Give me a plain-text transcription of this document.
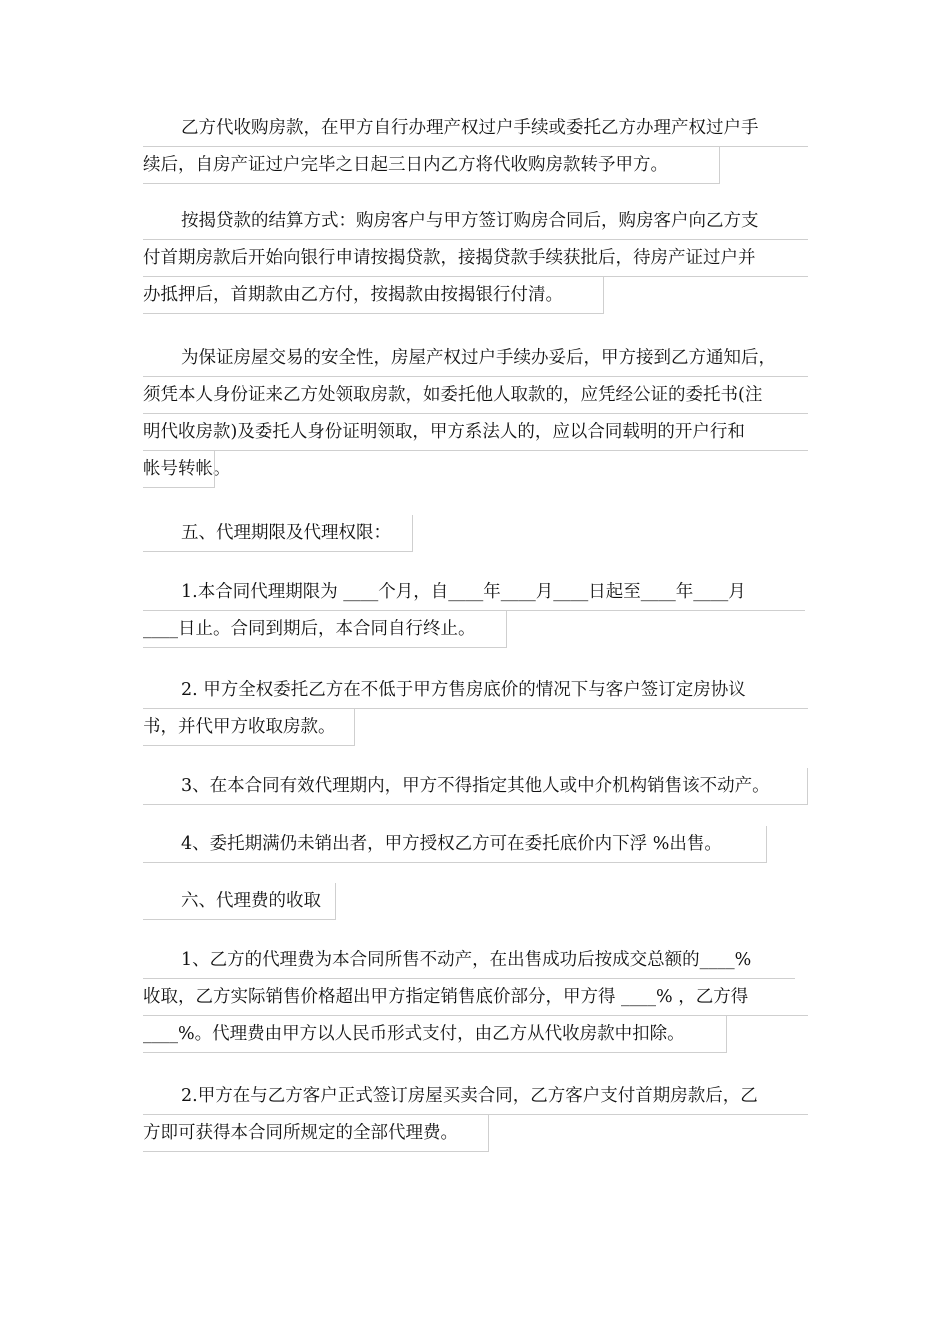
乙方代收购房款，在甲方自行办理产权过户手续或委托乙方办理产权过户手
续后，自房产证过户完毕之日起三日内乙方将代收购房款转予甲方。
按揭贷款的结算方式：购房客户与甲方签订购房合同后，购房客户向乙方支
付首期房款后开始向银行申请按揭贷款，接揭贷款手续获批后，待房产证过户并
办抵押后，首期款由乙方付，按揭款由按揭银行付清。
为保证房屋交易的安全性，房屋产权过户手续办妥后，甲方接到乙方通知后，
须凭本人身份证来乙方处领取房款，如委托他人取款的，应凭经公证的委托书(注
明代收房款)及委托人身份证明领取，甲方系法人的，应以合同载明的开户行和
帐号转帐。
五、代理期限及代理权限：
1.本合同代理期限为 ____个月，自____年____月____日起至____年____月
____日止。合同到期后，本合同自行终止。
2. 甲方全权委托乙方在不低于甲方售房底价的情况下与客户签订定房协议
书，并代甲方收取房款。
3、在本合同有效代理期内，甲方不得指定其他人或中介机构销售该不动产。
4、委托期满仍未销出者，甲方授权乙方可在委托底价内下浮 %出售。
六、代理费的收取
1、乙方的代理费为本合同所售不动产，在出售成功后按成交总额的____%
收取，乙方实际销售价格超出甲方指定销售底价部分，甲方得 ____% ，乙方得
____%。代理费由甲方以人民币形式支付，由乙方从代收房款中扣除。
2.甲方在与乙方客户正式签订房屋买卖合同，乙方客户支付首期房款后，乙
方即可获得本合同所规定的全部代理费。
